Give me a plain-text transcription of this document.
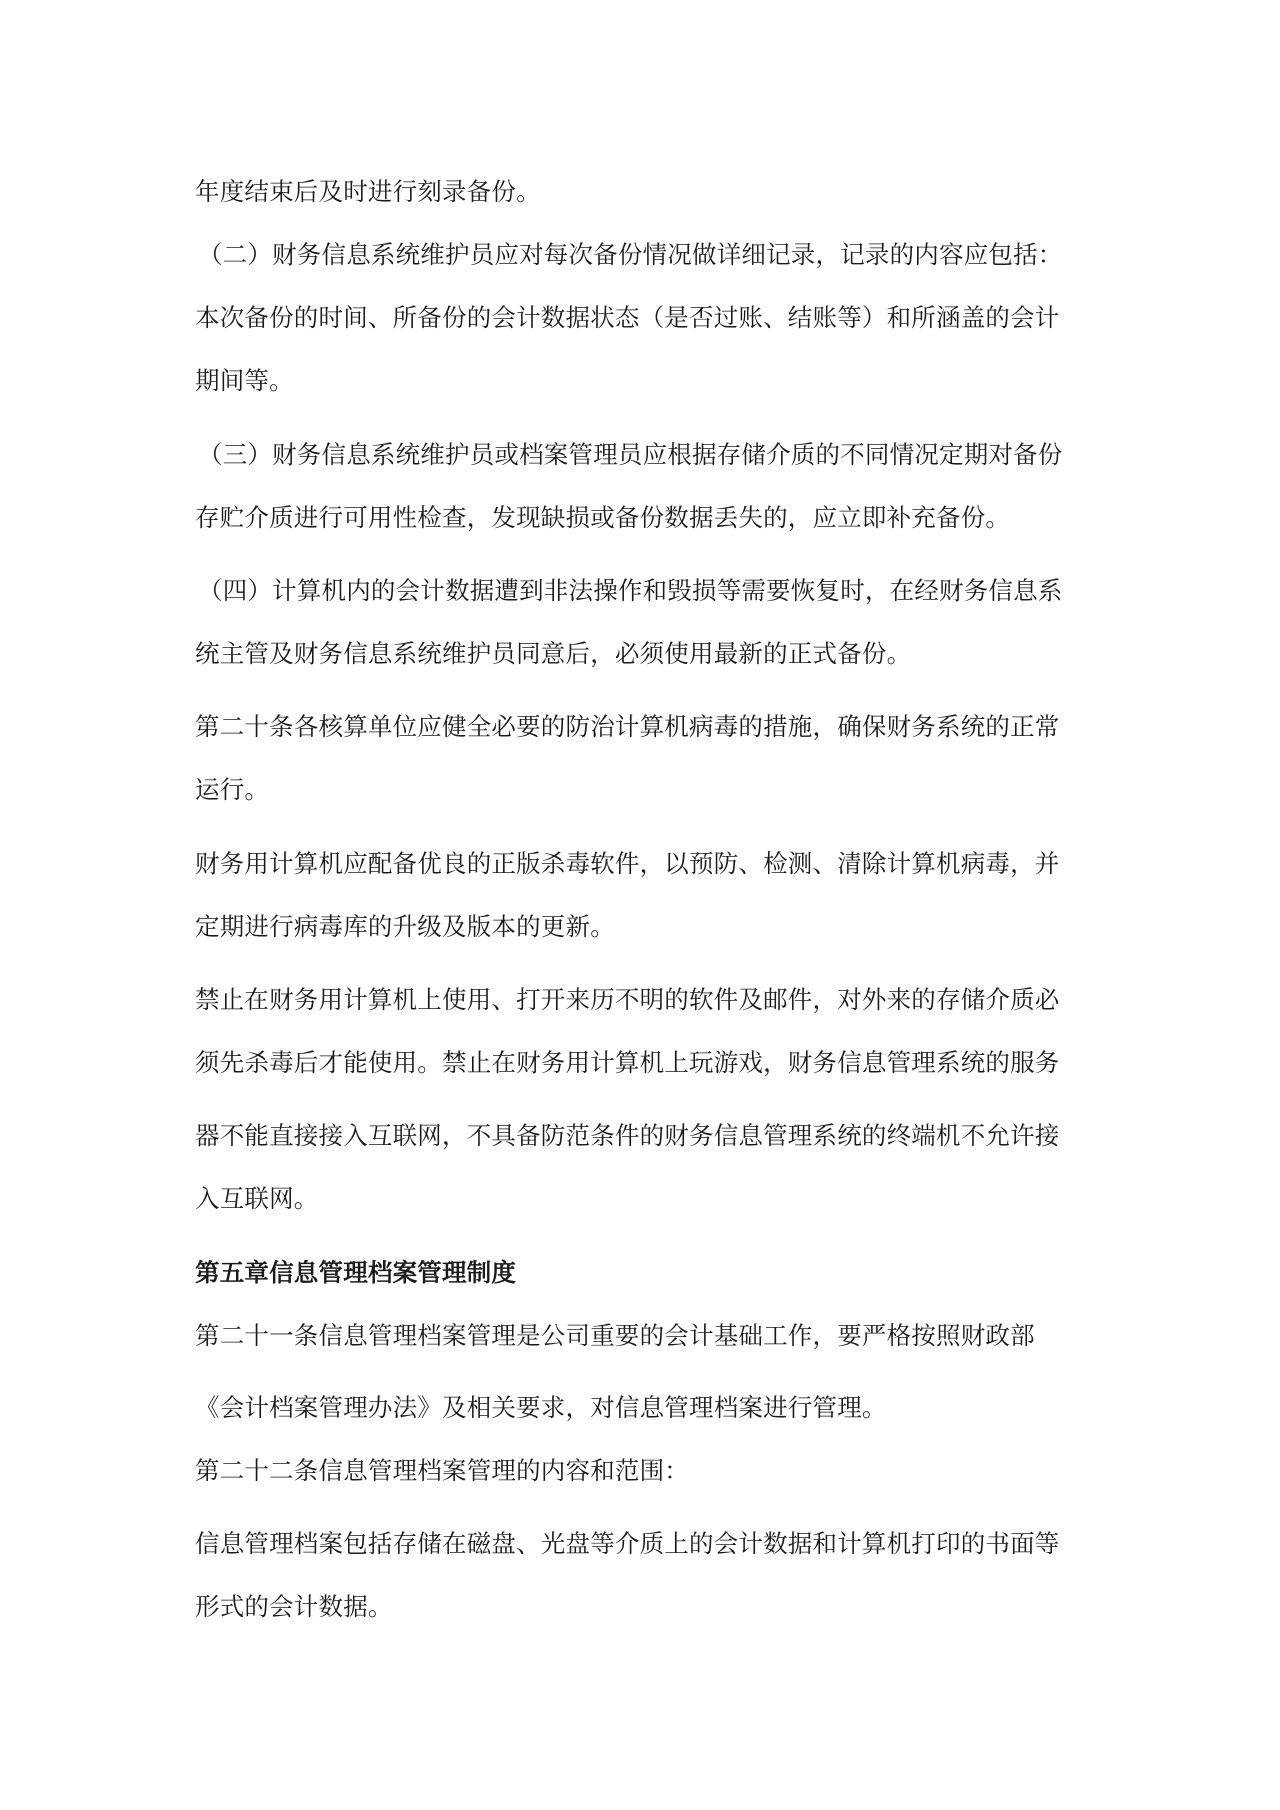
年度结束后及时进行刻录备份。
（二）财务信息系统维护员应对每次备份情况做详细记录，记录的内容应包括：
本次备份的时间、所备份的会计数据状态（是否过账、结账等）和所涵盖的会计
期间等。
（三）财务信息系统维护员或档案管理员应根据存储介质的不同情况定期对备份
存贮介质进行可用性检查，发现缺损或备份数据丢失的，应立即补充备份。
（四）计算机内的会计数据遭到非法操作和毁损等需要恢复时，在经财务信息系
统主管及财务信息系统维护员同意后，必须使用最新的正式备份。
第二十条各核算单位应健全必要的防治计算机病毒的措施，确保财务系统的正常
运行。
财务用计算机应配备优良的正版杀毒软件，以预防、检测、清除计算机病毒，并
定期进行病毒库的升级及版本的更新。
禁止在财务用计算机上使用、打开来历不明的软件及邮件，对外来的存储介质必
须先杀毒后才能使用。禁止在财务用计算机上玩游戏，财务信息管理系统的服务
器不能直接接入互联网，不具备防范条件的财务信息管理系统的终端机不允许接
入互联网。
第五章信息管理档案管理制度
第二十一条信息管理档案管理是公司重要的会计基础工作，要严格按照财政部
《会计档案管理办法》及相关要求，对信息管理档案进行管理。
第二十二条信息管理档案管理的内容和范围：
信息管理档案包括存储在磁盘、光盘等介质上的会计数据和计算机打印的书面等
形式的会计数据。
